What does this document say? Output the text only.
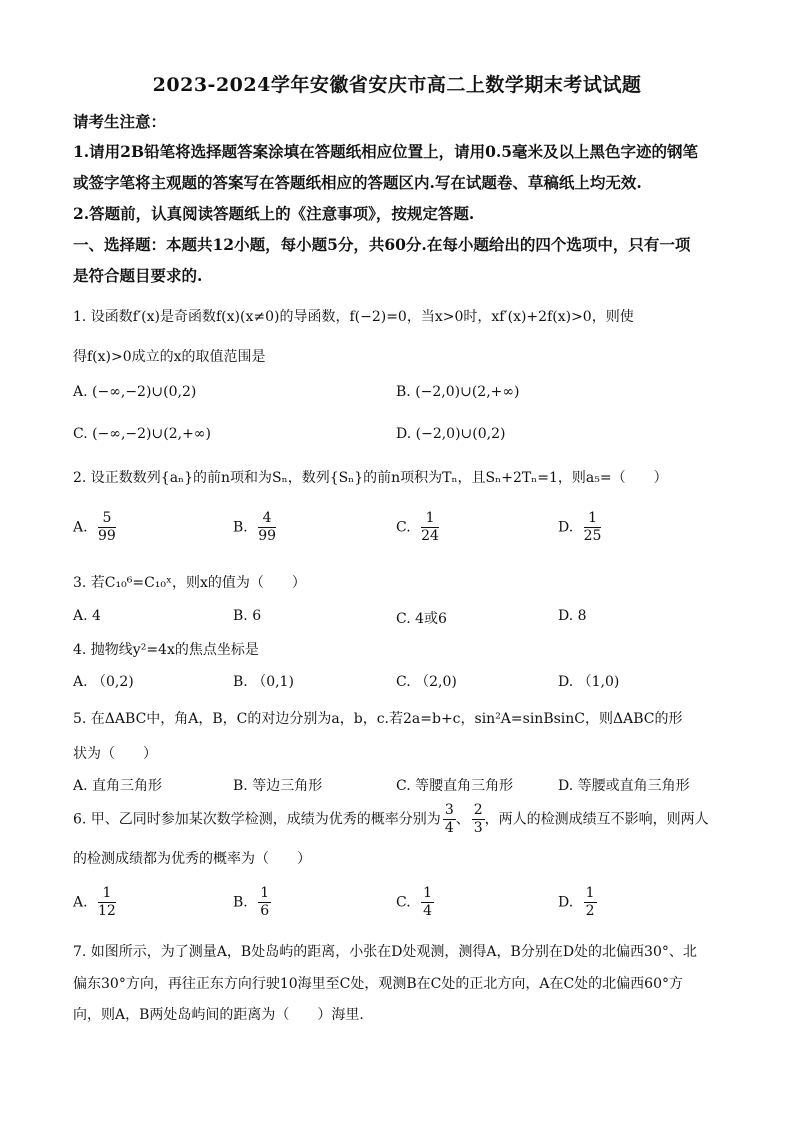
2023-2024学年安徽省安庆市高二上数学期末考试试题
请考生注意：
1.请用2B铅笔将选择题答案涂填在答题纸相应位置上，请用0.5毫米及以上黑色字迹的钢笔
或签字笔将主观题的答案写在答题纸相应的答题区内.写在试题卷、草稿纸上均无效.
2.答题前，认真阅读答题纸上的《注意事项》，按规定答题.
一、选择题：本题共12小题，每小题5分，共60分.在每小题给出的四个选项中，只有一项
是符合题目要求的.
1. 设函数f′(x)是奇函数f(x)(x≠0)的导函数，f(−2)=0，当x>0时，xf′(x)+2f(x)>0，则使
得f(x)>0成立的x的取值范围是
A. (−∞,−2)∪(0,2)	B. (−2,0)∪(2,+∞)
C. (−∞,−2)∪(2,+∞)	D. (−2,0)∪(0,2)
2. 设正数数列{aₙ}的前n项和为Sₙ，数列{Sₙ}的前n项积为Tₙ，且Sₙ+2Tₙ=1，则a₅=（　　）
A. $\frac{5}{99}$	B. $\frac{4}{99}$	C. $\frac{1}{24}$	D. $\frac{1}{25}$
3. 若C₁₀⁶=C₁₀ˣ，则x的值为（　　）
A. 4	B. 6	C. 4或6	D. 8
4. 抛物线y²=4x的焦点坐标是
A. （0,2)	B. （0,1)	C. （2,0)	D. （1,0)
5. 在ΔABC中，角A，B，C的对边分别为a，b，c.若2a=b+c，sin²A=sinBsinC，则ΔABC的形
状为（　　）
A. 直角三角形	B. 等边三角形	C. 等腰直角三角形	D. 等腰或直角三角形
6. 甲、乙同时参加某次数学检测，成绩为优秀的概率分别为 $\frac{3}{4}$ 、 $\frac{2}{3}$ ，两人的检测成绩互不影响，则两人
的检测成绩都为优秀的概率为（　　）
A. $\frac{1}{12}$	B. $\frac{1}{6}$	C. $\frac{1}{4}$	D. $\frac{1}{2}$
7. 如图所示，为了测量A，B处岛屿的距离，小张在D处观测，测得A，B分别在D处的北偏西30°、北
偏东30°方向，再往正东方向行驶10海里至C处，观测B在C处的正北方向，A在C处的北偏西60°方
向，则A，B两处岛屿间的距离为（　　）海里.
